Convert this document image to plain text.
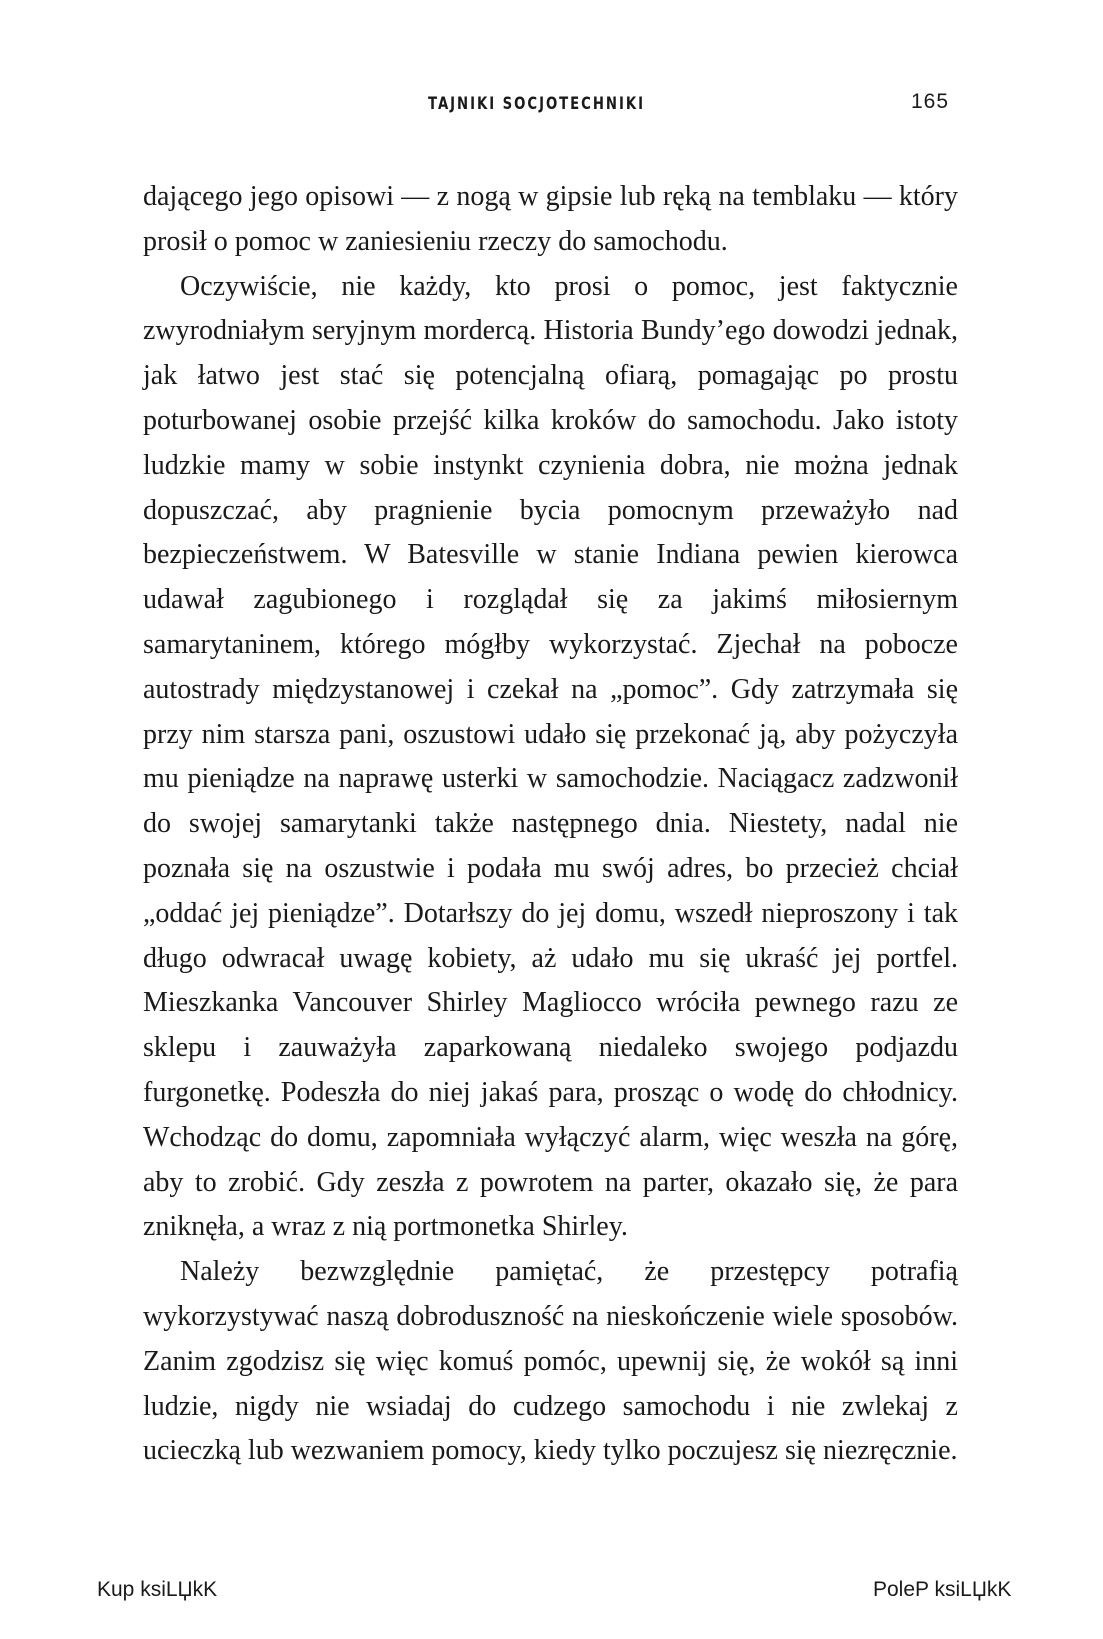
TAJNIKI SOCJOTECHNIKI	165

dającego jego opisowi — z nogą w gipsie lub ręką na temblaku — który prosił o pomoc w zaniesieniu rzeczy do samochodu.

Oczywiście, nie każdy, kto prosi o pomoc, jest faktycznie zwyrodniałym seryjnym mordercą. Historia Bundy’ego dowodzi jednak, jak łatwo jest stać się potencjalną ofiarą, pomagając po prostu poturbowanej osobie przejść kilka kroków do samochodu. Jako istoty ludzkie mamy w sobie instynkt czynienia dobra, nie można jednak dopuszczać, aby pragnienie bycia pomocnym przeważyło nad bezpieczeństwem. W Batesville w stanie Indiana pewien kierowca udawał zagubionego i rozglądał się za jakimś miłosiernym samarytaninem, którego mógłby wykorzystać. Zjechał na pobocze autostrady międzystanowej i czekał na „pomoc”. Gdy zatrzymała się przy nim starsza pani, oszustowi udało się przekonać ją, aby pożyczyła mu pieniądze na naprawę usterki w samochodzie. Naciągacz zadzwonił do swojej samarytanki także następnego dnia. Niestety, nadal nie poznała się na oszustwie i podała mu swój adres, bo przecież chciał „oddać jej pieniądze”. Dotarłszy do jej domu, wszedł nieproszony i tak długo odwracał uwagę kobiety, aż udało mu się ukraść jej portfel. Mieszkanka Vancouver Shirley Magliocco wróciła pewnego razu ze sklepu i zauważyła zaparkowaną niedaleko swojego podjazdu furgonetkę. Podeszła do niej jakaś para, prosząc o wodę do chłodnicy. Wchodząc do domu, zapomniała wyłączyć alarm, więc weszła na górę, aby to zrobić. Gdy zeszła z powrotem na parter, okazało się, że para zniknęła, a wraz z nią portmonetka Shirley.

Należy bezwzględnie pamiętać, że przestępcy potrafią wykorzystywać naszą dobroduszność na nieskończenie wiele sposobów. Zanim zgodzisz się więc komuś pomóc, upewnij się, że wokół są inni ludzie, nigdy nie wsiadaj do cudzego samochodu i nie zwlekaj z ucieczką lub wezwaniem pomocy, kiedy tylko poczujesz się niezręcznie.

Kup ksiLЏkK	PoleP ksiLЏkK
